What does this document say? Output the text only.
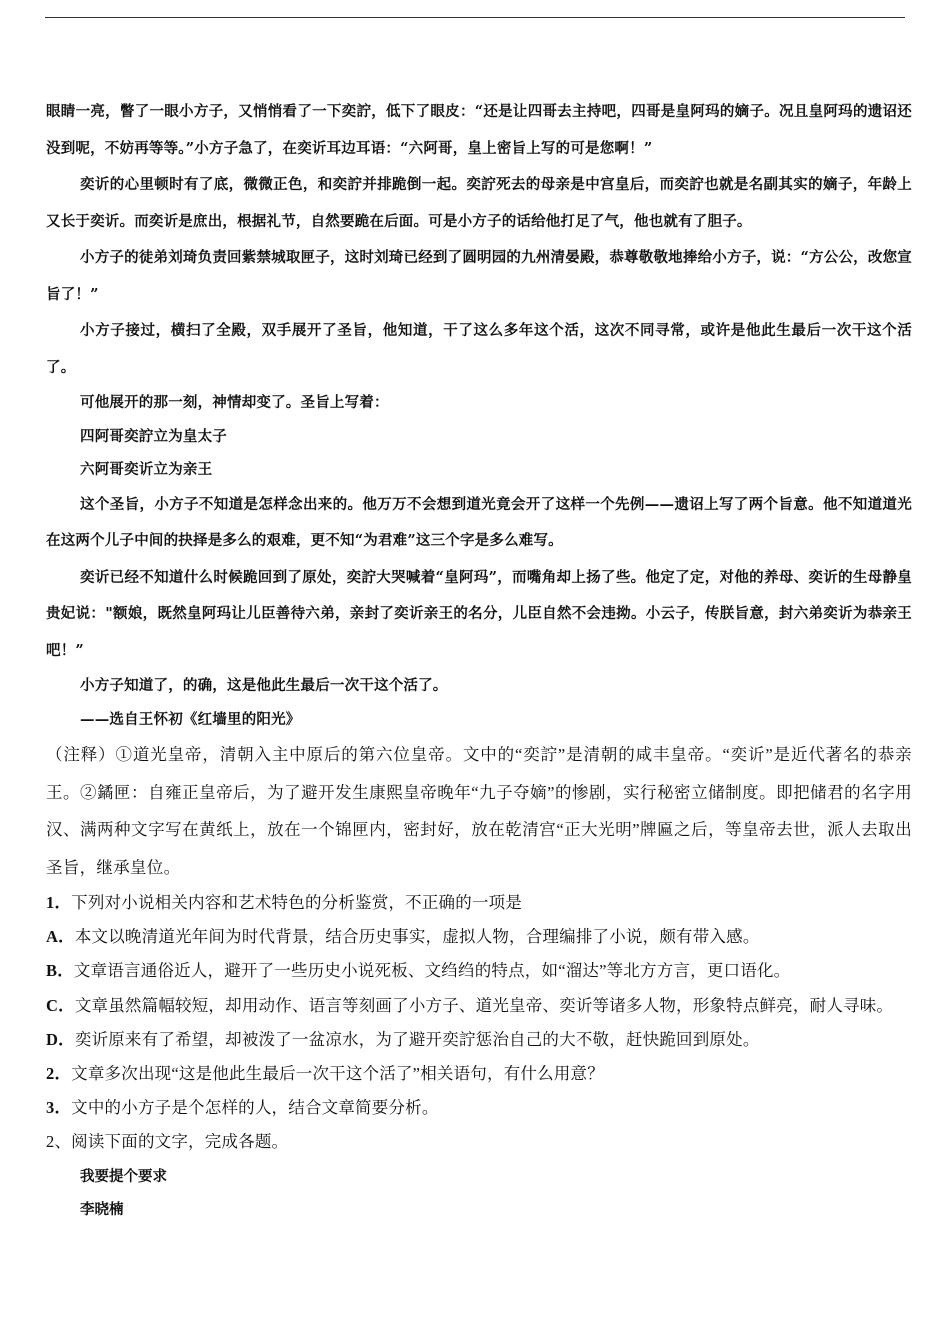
眼睛一亮，瞥了一眼小方子，又悄悄看了一下奕詝，低下了眼皮：“还是让四哥去主持吧，四哥是皇阿玛的嫡子。况且皇阿玛的遗诏还没到呢，不妨再等等。”小方子急了，在奕䜣耳边耳语：“六阿哥，皇上密旨上写的可是您啊！”

奕䜣的心里顿时有了底，微微正色，和奕詝并排跪倒一起。奕詝死去的母亲是中宫皇后，而奕詝也就是名副其实的嫡子，年龄上又长于奕䜣。而奕䜣是庶出，根据礼节，自然要跪在后面。可是小方子的话给他打足了气，他也就有了胆子。

小方子的徒弟刘琦负责回紫禁城取匣子，这时刘琦已经到了圆明园的九州清晏殿，恭尊敬敬地捧给小方子，说：“方公公，改您宣旨了！”

小方子接过，横扫了全殿，双手展开了圣旨，他知道，干了这么多年这个活，这次不同寻常，或许是他此生最后一次干这个活了。

可他展开的那一刻，神情却变了。圣旨上写着：

四阿哥奕詝立为皇太子

六阿哥奕䜣立为亲王

这个圣旨，小方子不知道是怎样念出来的。他万万不会想到道光竟会开了这样一个先例——遗诏上写了两个旨意。他不知道道光在这两个儿子中间的抉择是多么的艰难，更不知“为君难”这三个字是多么难写。

奕䜣已经不知道什么时候跪回到了原处，奕詝大哭喊着“皇阿玛”，而嘴角却上扬了些。他定了定，对他的养母、奕䜣的生母静皇贵妃说："额娘，既然皇阿玛让儿臣善待六弟，亲封了奕䜣亲王的名分，儿臣自然不会违拗。小云子，传朕旨意，封六弟奕䜣为恭亲王吧！”

小方子知道了，的确，这是他此生最后一次干这个活了。

——选自王怀初《红墙里的阳光》

（注释）①道光皇帝，清朝入主中原后的第六位皇帝。文中的“奕詝”是清朝的咸丰皇帝。“奕䜣”是近代著名的恭亲王。②鐍匣：自雍正皇帝后，为了避开发生康熙皇帝晚年“九子夺嫡”的惨剧，实行秘密立储制度。即把储君的名字用汉、满两种文字写在黄纸上，放在一个锦匣内，密封好，放在乾清宫“正大光明”牌匾之后，等皇帝去世，派人去取出圣旨，继承皇位。

1．下列对小说相关内容和艺术特色的分析鉴赏，不正确的一项是

A．本文以晚清道光年间为时代背景，结合历史事实，虚拟人物，合理编排了小说，颇有带入感。

B．文章语言通俗近人，避开了一些历史小说死板、文绉绉的特点，如“溜达”等北方方言，更口语化。

C．文章虽然篇幅较短，却用动作、语言等刻画了小方子、道光皇帝、奕䜣等诸多人物，形象特点鲜亮，耐人寻味。

D．奕䜣原来有了希望，却被泼了一盆凉水，为了避开奕詝惩治自己的大不敬，赶快跪回到原处。

2．文章多次出现“这是他此生最后一次干这个活了”相关语句，有什么用意？

3．文中的小方子是个怎样的人，结合文章简要分析。

2、阅读下面的文字，完成各题。

我要提个要求

李晓楠
